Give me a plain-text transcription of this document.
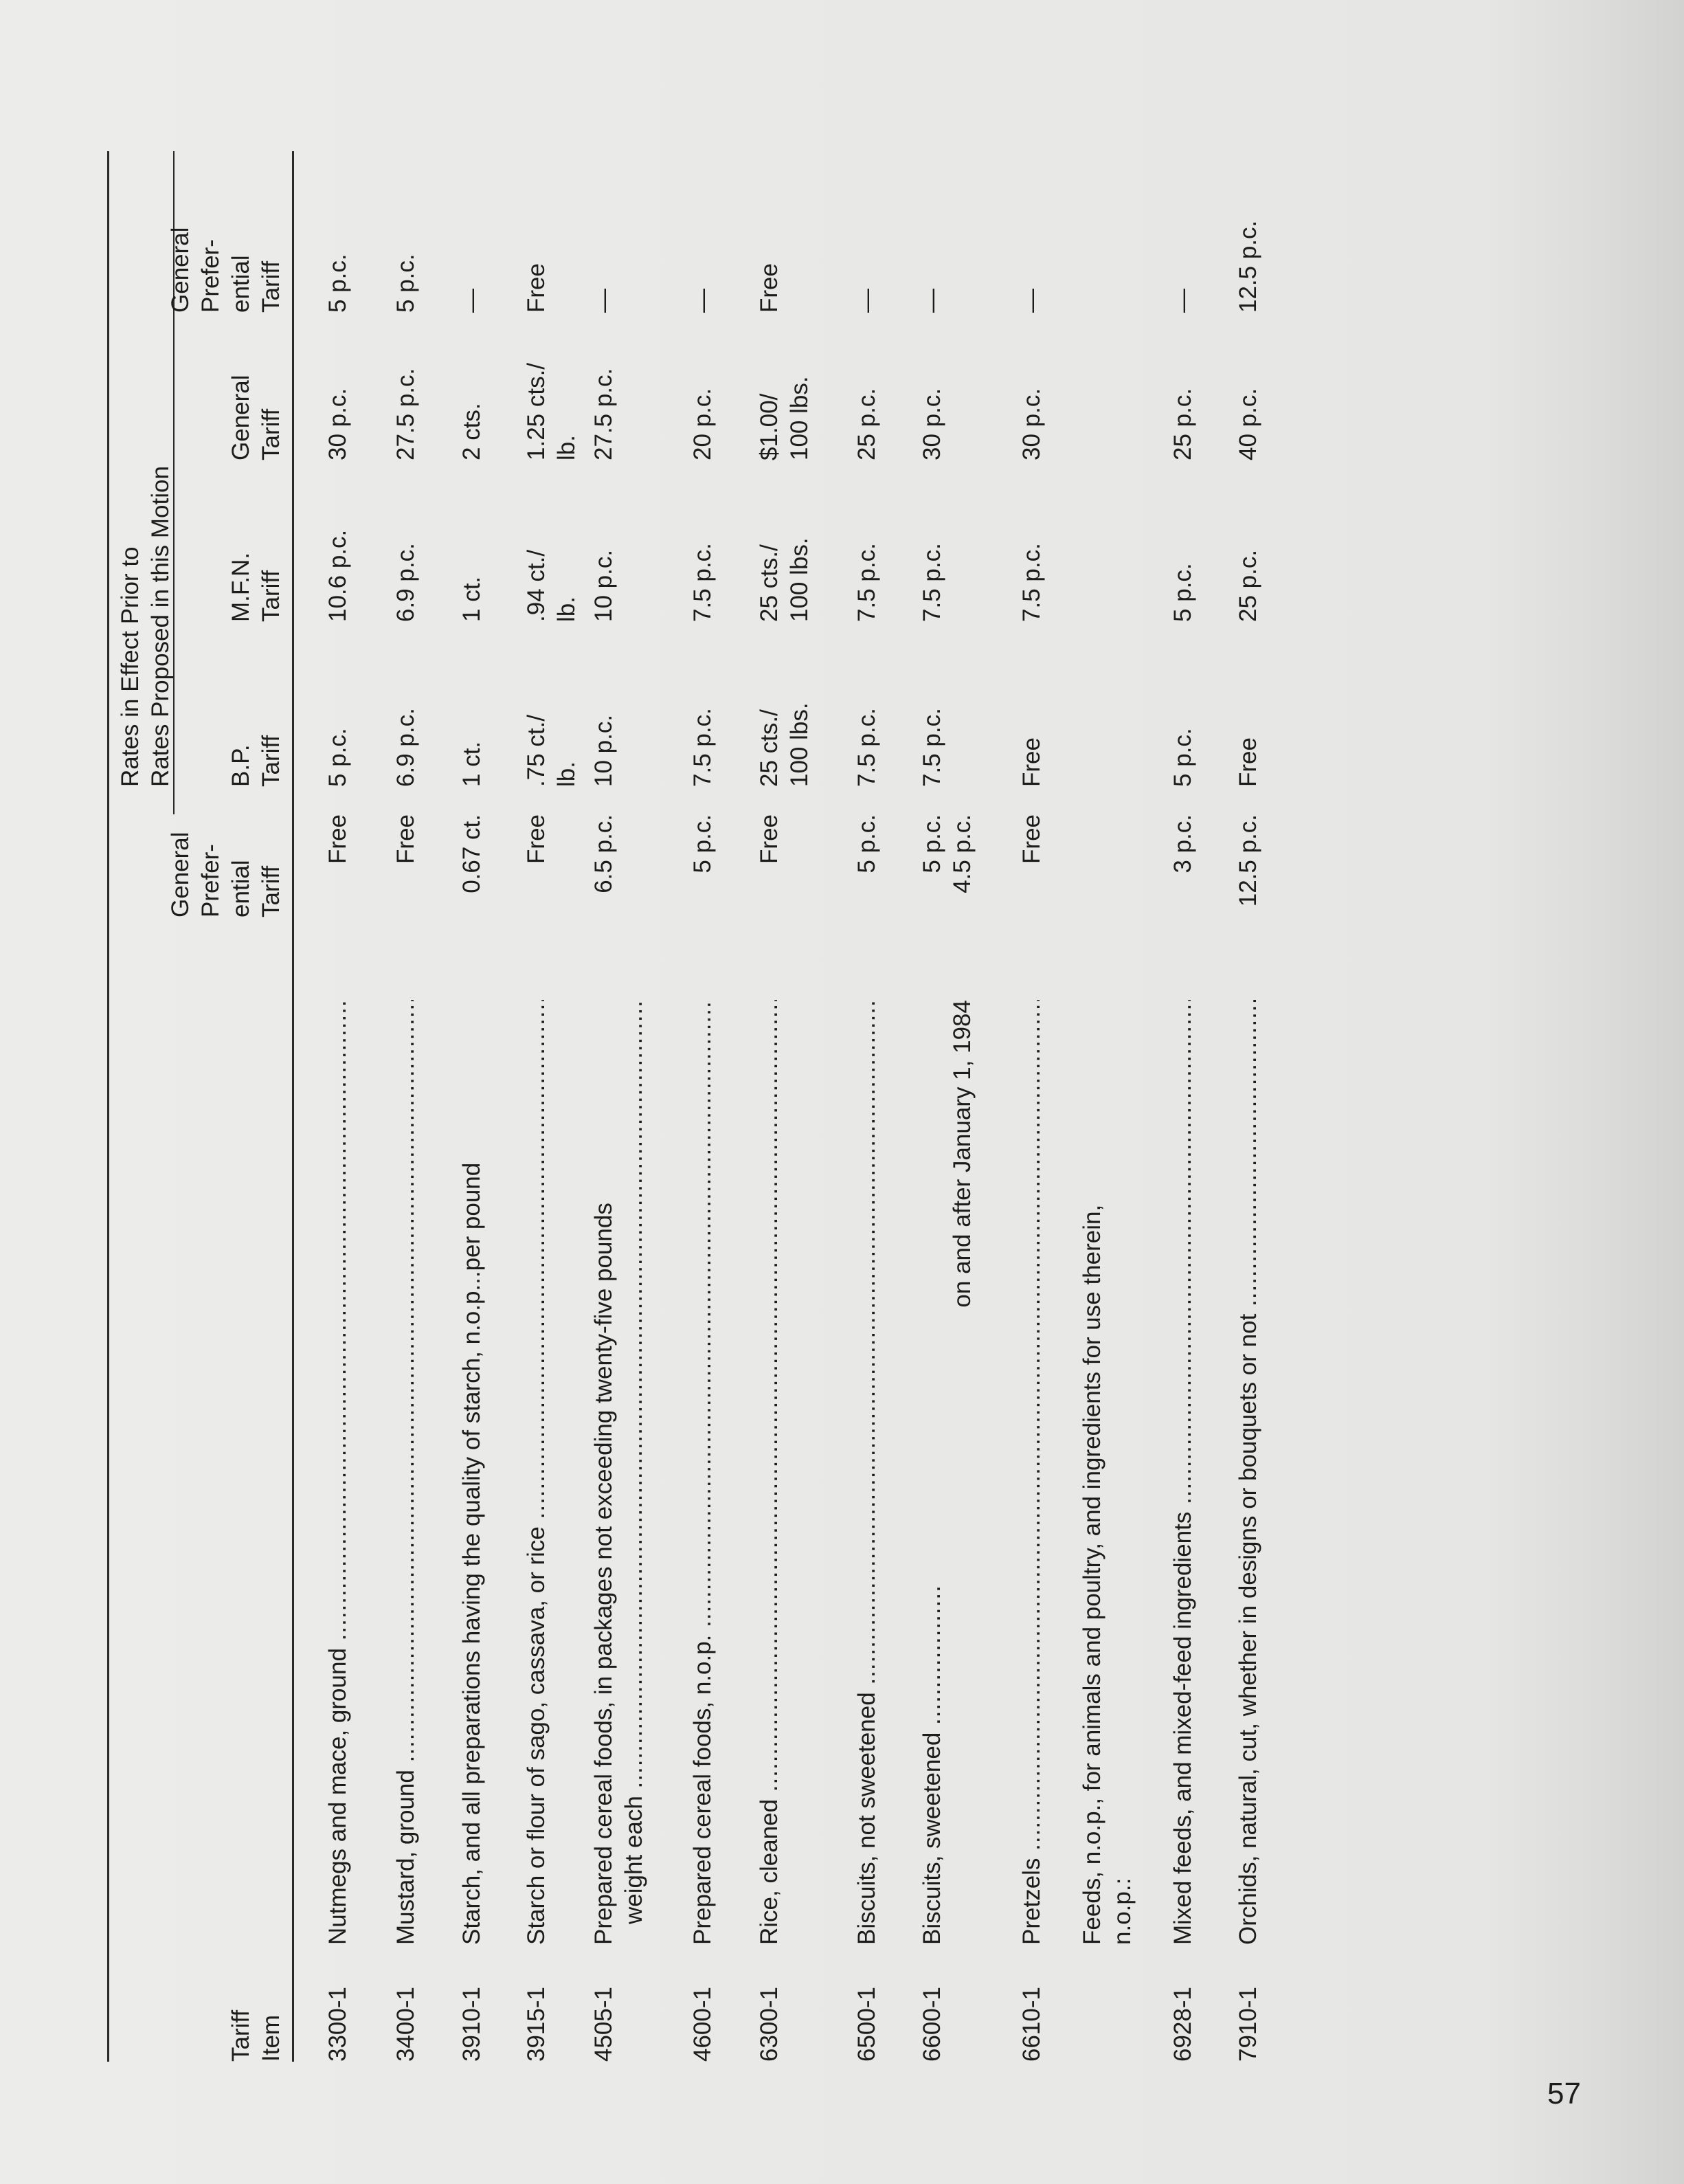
Tariff Item
General Prefer- ential Tariff
Rates in Effect Prior to Rates Proposed in this Motion B.P. Tariff
M.F.N. Tariff
General Tariff
General Prefer- ential Tariff
3300-1
Nutmegs and mace, ground .....
Free
5 p.c.
10.6 p.c.
30 p.c.
5 p.c.
3400-1
Mustard, ground .....
Free
6.9 p.c.
6.9 p.c.
27.5 p.c.
5 p.c.
3910-1
Starch, and all preparations having the quality of starch, n.o.p...per pound
0.67 ct.
1 ct.
1 ct.
2 cts.
—
3915-1
Starch or flour of sago, cassava, or rice .....
Free
.75 ct./ lb.
.94 ct./ lb.
1.25 cts./ lb.
Free
4505-1
Prepared cereal foods, in packages not exceeding twenty-five pounds weight each .....
6.5 p.c.
10 p.c.
10 p.c.
27.5 p.c.
—
4600-1
Prepared cereal foods, n.o.p. .....
5 p.c.
7.5 p.c.
7.5 p.c.
20 p.c.
—
6300-1
Rice, cleaned .....
Free
25 cts./ 100 lbs.
25 cts./ 100 lbs.
$1.00/ 100 lbs.
Free
6500-1
Biscuits, not sweetened .....
5 p.c.
7.5 p.c.
7.5 p.c.
25 p.c.
—
6600-1
Biscuits, sweetened .....
on and after January 1, 1984
5 p.c. 4.5 p.c.
7.5 p.c.
7.5 p.c.
30 p.c.
—
6610-1
Pretzels .....
Free
Free
7.5 p.c.
30 p.c.
—
Feeds, n.o.p., for animals and poultry, and ingredients for use therein, n.o.p.:
6928-1
Mixed feeds, and mixed-feed ingredients .....
3 p.c.
5 p.c.
5 p.c.
25 p.c.
—
7910-1
Orchids, natural, cut, whether in designs or bouquets or not .....
12.5 p.c.
Free
25 p.c.
40 p.c.
12.5 p.c.
57
